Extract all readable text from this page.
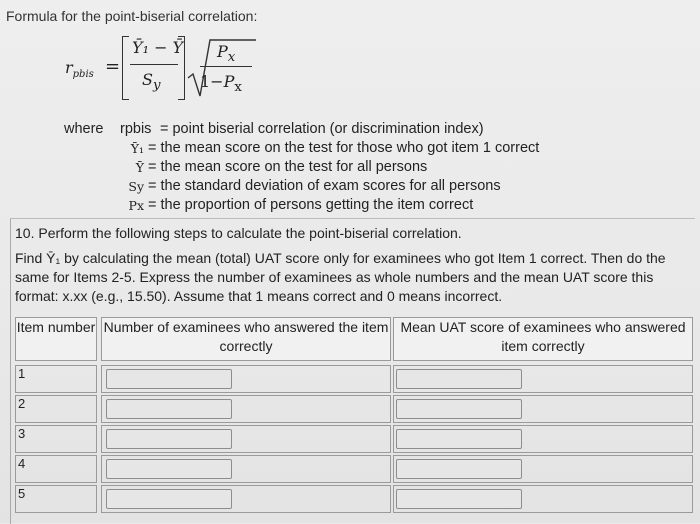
Formula for the point-biserial correlation:
$r_{pbis}$ =
Ȳ₁ − Ȳ
$S_y$
$P_x$
$1-P_x$
where	rpbis = point biserial correlation (or discrimination index)
Ȳ₁ = the mean score on the test for those who got item 1 correct
Ȳ = the mean score on the test for all persons
Sy = the standard deviation of exam scores for all persons
Px = the proportion of persons getting the item correct

10. Perform the following steps to calculate the point-biserial correlation.

Find Ȳ₁ by calculating the mean (total) UAT score only for examinees who got Item 1 correct. Then do the same for Items 2-5. Express the number of examinees as whole numbers and the mean UAT score this format: x.xx (e.g., 15.50). Assume that 1 means correct and 0 means incorrect.

Item number Number of examinees who answered the item correctly
Mean UAT score of examinees who answered item correctly
1
2
3
4
5
